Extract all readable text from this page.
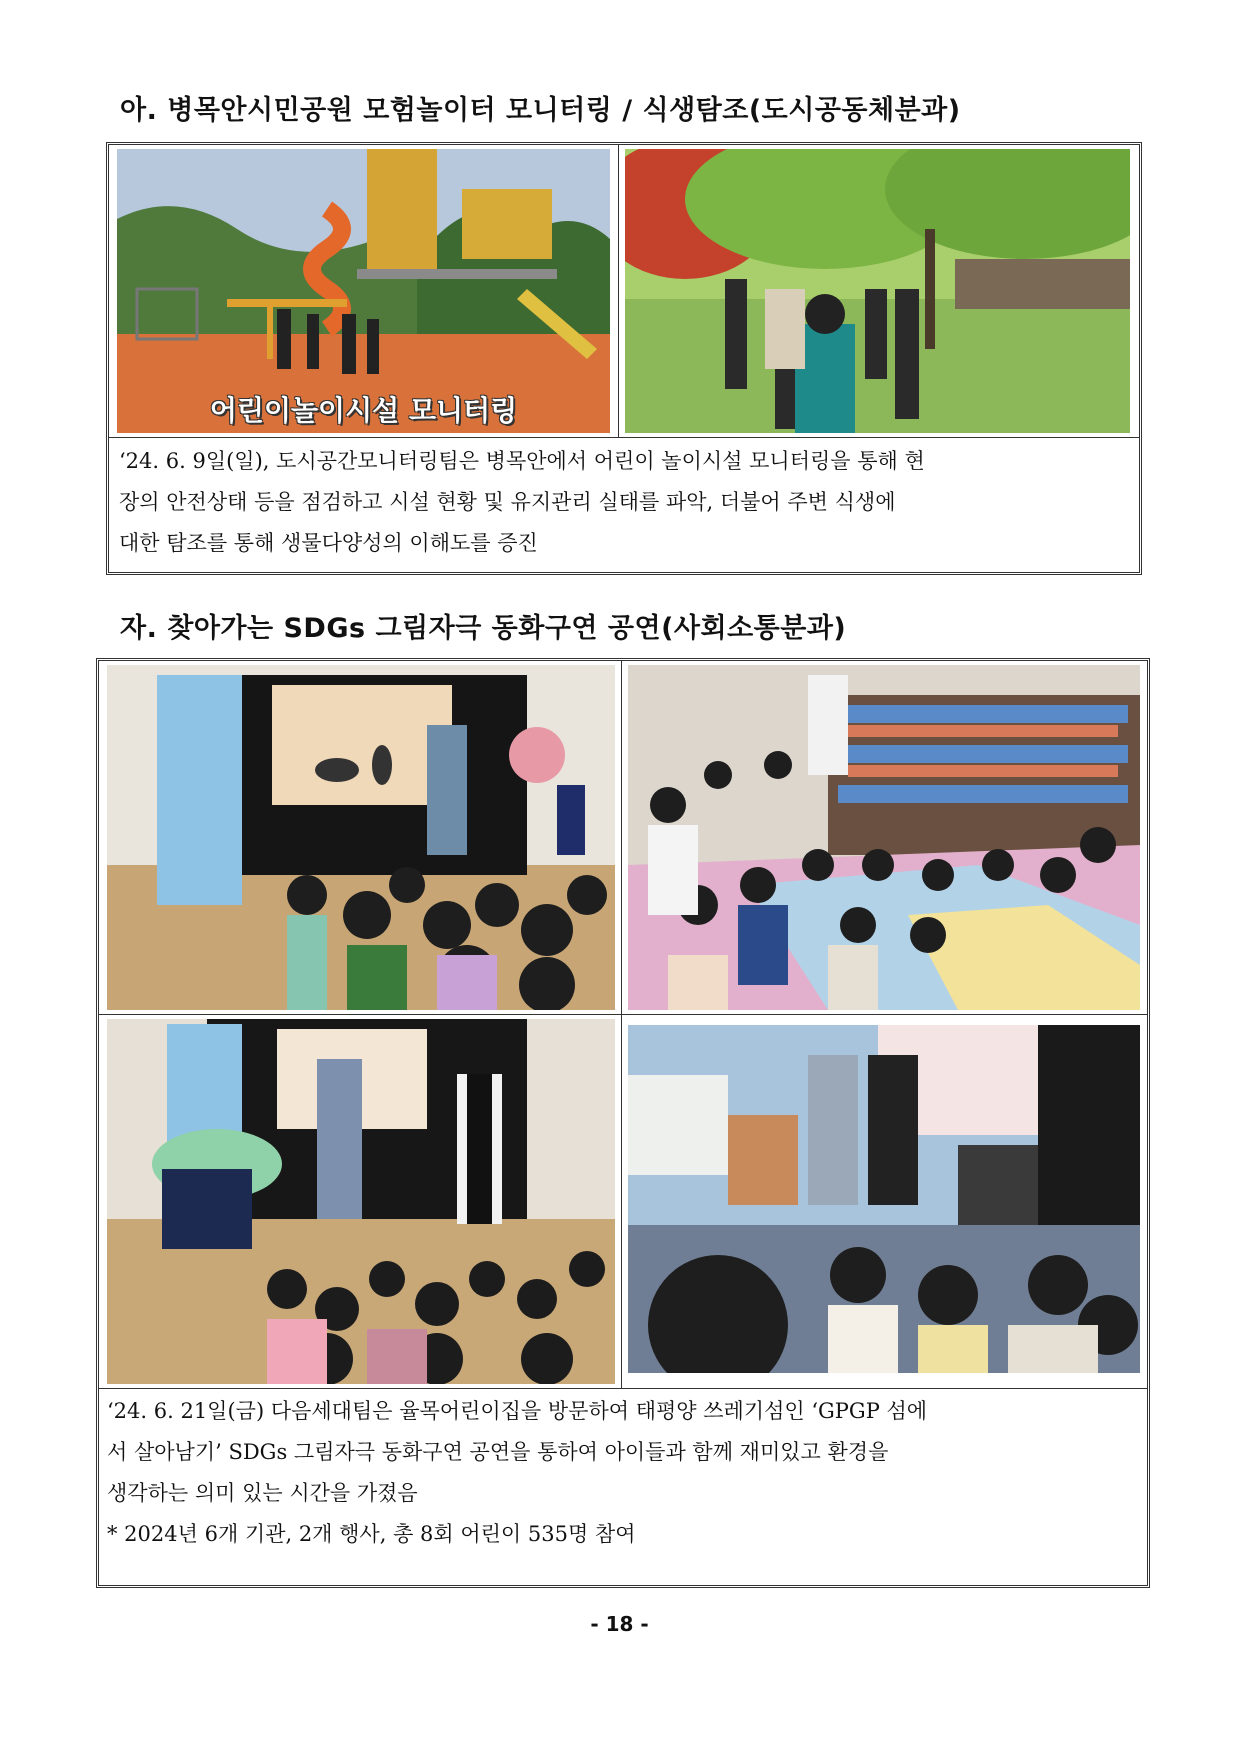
아. 병목안시민공원 모험놀이터 모니터링 / 식생탐조(도시공동체분과)
어린이놀이시설 모니터링
‘24. 6. 9일(일), 도시공간모니터링팀은 병목안에서 어린이 놀이시설 모니터링을 통해 현
장의 안전상태 등을 점검하고 시설 현황 및 유지관리 실태를 파악, 더불어 주변 식생에
대한 탐조를 통해 생물다양성의 이해도를 증진
자. 찾아가는 SDGs 그림자극 동화구연 공연(사회소통분과)
‘24. 6. 21일(금) 다음세대팀은 율목어린이집을 방문하여 태평양 쓰레기섬인 ‘GPGP 섬에
서 살아남기’ SDGs 그림자극 동화구연 공연을 통하여 아이들과 함께 재미있고 환경을
생각하는 의미 있는 시간을 가졌음
* 2024년 6개 기관, 2개 행사, 총 8회 어린이 535명 참여
- 18 -
